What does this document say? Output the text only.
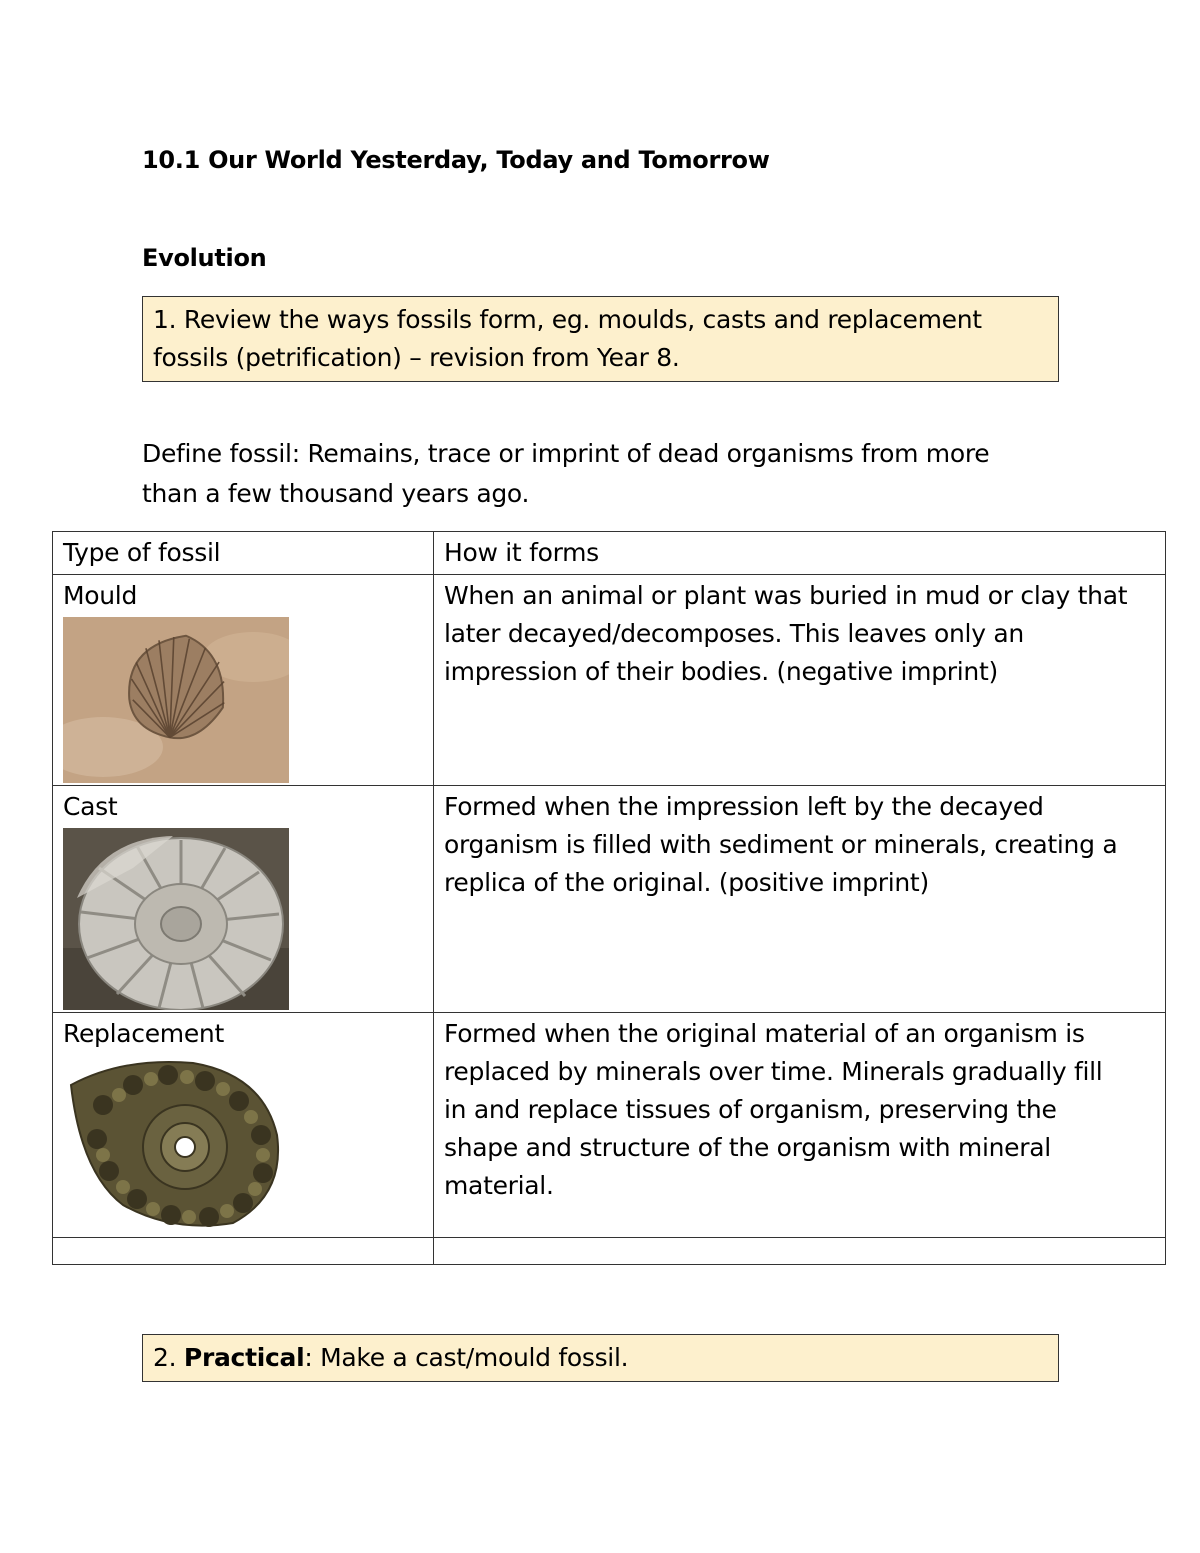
10.1 Our World Yesterday, Today and Tomorrow
Evolution
1. Review the ways fossils form, eg. moulds, casts and replacement
fossils (petrification) – revision from Year 8.
Define fossil: Remains, trace or imprint of dead organisms from more
than a few thousand years ago.
Type of fossil	How it forms

Mould	When an animal or plant was buried in mud or clay that
later decayed/decomposes. This leaves only an
impression of their bodies. (negative imprint)

Cast	Formed when the impression left by the decayed
organism is filled with sediment or minerals, creating a
replica of the original. (positive imprint)

Replacement	Formed when the original material of an organism is
replaced by minerals over time. Minerals gradually fill
in and replace tissues of organism, preserving the
shape and structure of the organism with mineral
material.

2. Practical: Make a cast/mould fossil.
